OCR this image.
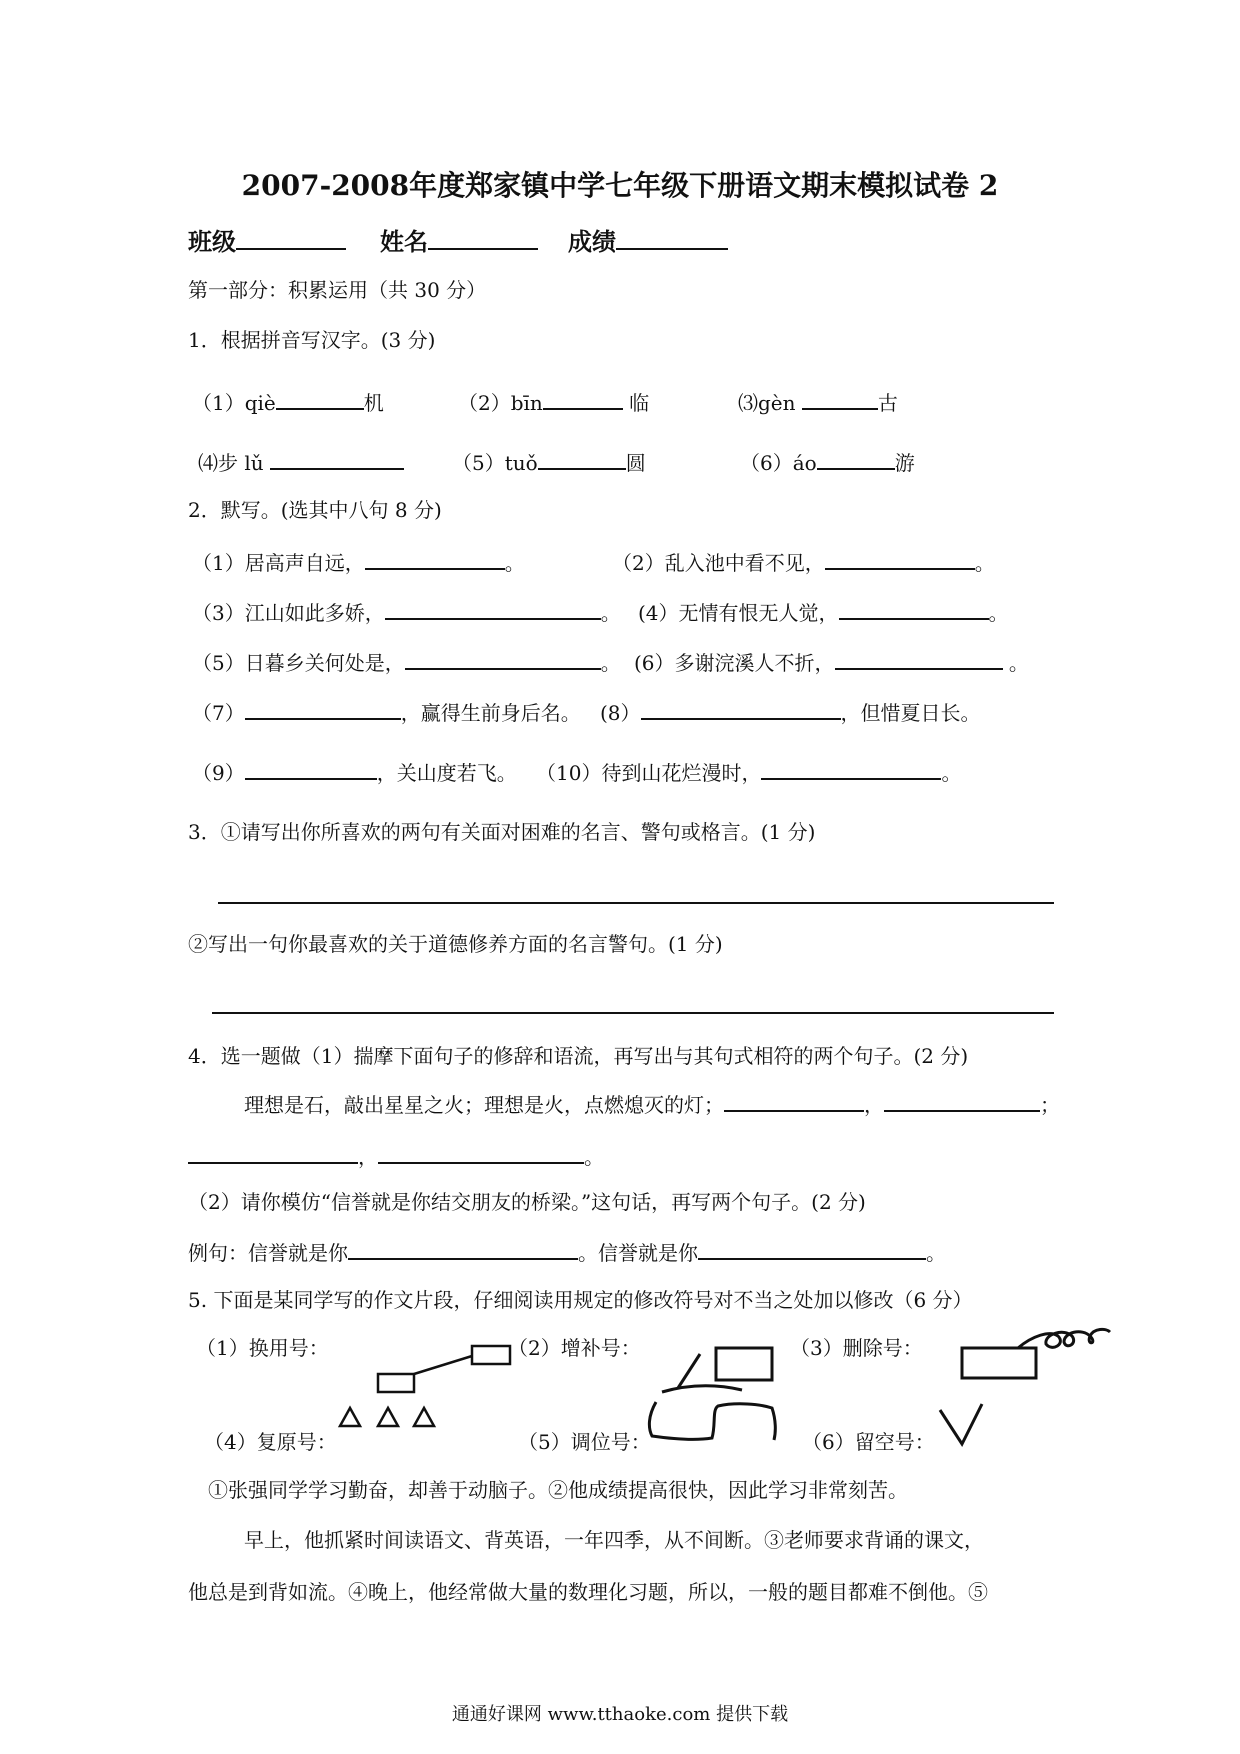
2007-2008年度郑家镇中学七年级下册语文期末模拟试卷 2
班级	姓名	成绩
第一部分：积累运用（共 30 分）
1．根据拼音写汉字。(3 分)
（1）qiè	机	（2）bīn	临	⑶gèn	古
⑷步 lǔ	（5）tuǒ	圆	（6）áo	游
2．默写。(选其中八句 8 分)
（1）居高声自远，	。	（2）乱入池中看不见，	。
（3）江山如此多娇，	。 (4）无情有恨无人觉，	。
（5）日暮乡关何处是，	。 (6）多谢浣溪人不折，	。
（7）	，赢得生前身后名。 (8）	，但惜夏日长。
（9）	，关山度若飞。 （10）待到山花烂漫时，	。
3．①请写出你所喜欢的两句有关面对困难的名言、警句或格言。(1 分)
②写出一句你最喜欢的关于道德修养方面的名言警句。(1 分)
4．选一题做（1）揣摩下面句子的修辞和语流，再写出与其句式相符的两个句子。(2 分)
理想是石，敲出星星之火；理想是火，点燃熄灭的灯；	，	；
，	。
（2）请你模仿“信誉就是你结交朋友的桥梁。”这句话，再写两个句子。(2 分)
例句：信誉就是你	。信誉就是你	。
5. 下面是某同学写的作文片段，仔细阅读用规定的修改符号对不当之处加以修改（6 分）
（1）换用号：	（2）增补号：	（3）删除号：
（4）复原号：	（5）调位号：	（6）留空号：
①张强同学学习勤奋，却善于动脑子。②他成绩提高很快，因此学习非常刻苦。
早上，他抓紧时间读语文、背英语，一年四季，从不间断。③老师要求背诵的课文，
他总是到背如流。④晚上，他经常做大量的数理化习题，所以，一般的题目都难不倒他。⑤
通通好课网 www.tthaoke.com 提供下载
